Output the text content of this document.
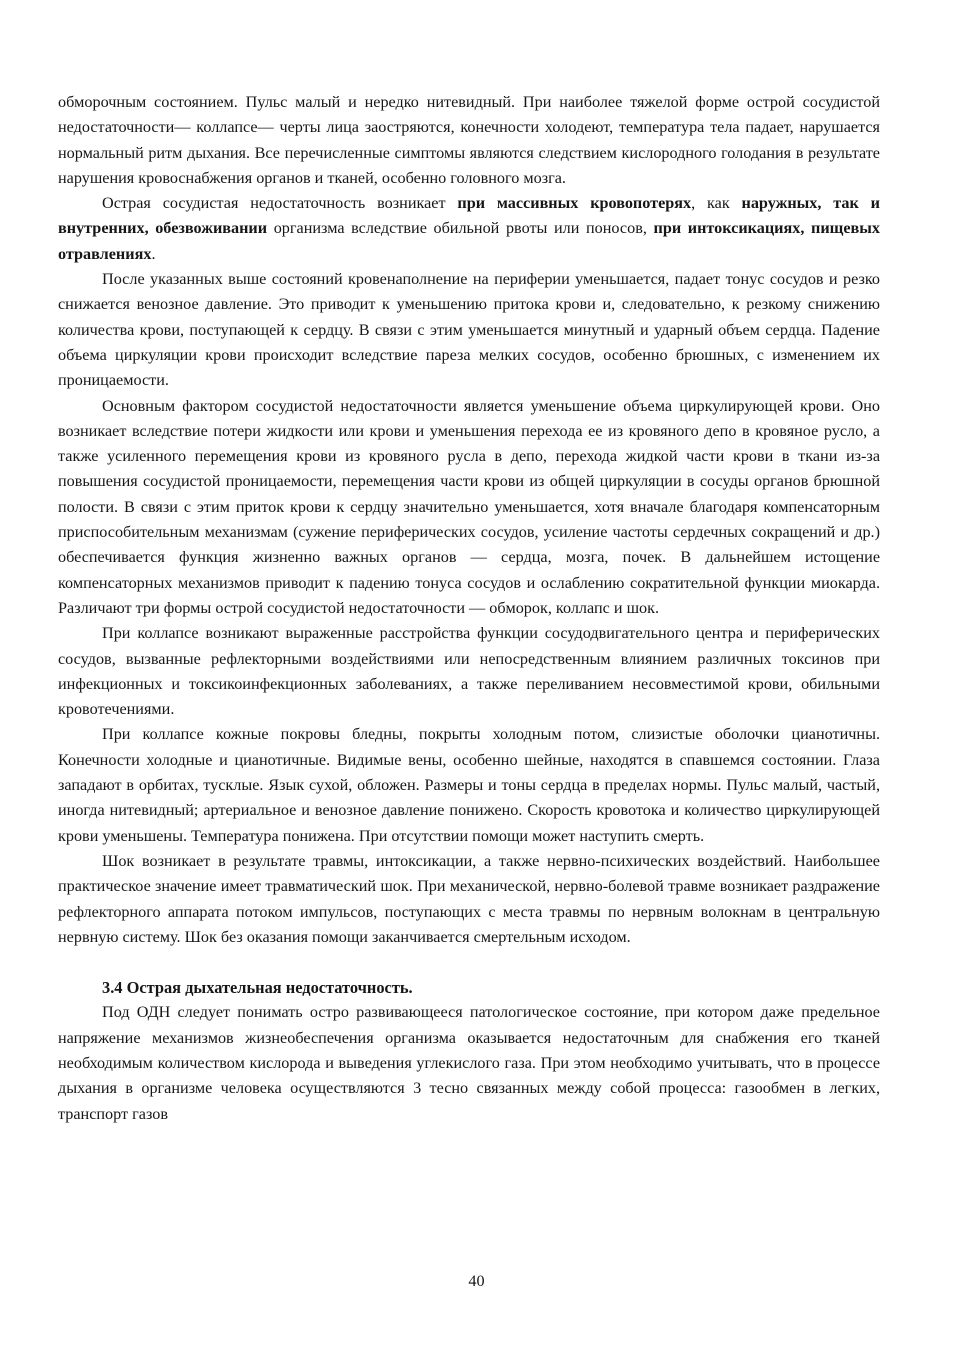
обморочным состоянием. Пульс малый и нередко нитевидный. При наиболее тяжелой форме острой сосудистой недостаточности— коллапсе— черты лица заостряются, конечности холодеют, температура тела падает, нарушается нормальный ритм дыхания. Все перечисленные симптомы являются следствием кислородного голодания в результате нарушения кровоснабжения органов и тканей, особенно головного мозга.

Острая сосудистая недостаточность возникает при массивных кровопотерях, как наружных, так и внутренних, обезвоживании организма вследствие обильной рвоты или поносов, при интоксикациях, пищевых отравлениях.

После указанных выше состояний кровенаполнение на периферии уменьшается, падает тонус сосудов и резко снижается венозное давление. Это приводит к уменьшению притока крови и, следовательно, к резкому снижению количества крови, поступающей к сердцу. В связи с этим уменьшается минутный и ударный объем сердца. Падение объема циркуляции крови происходит вследствие пареза мелких сосудов, особенно брюшных, с изменением их проницаемости.

Основным фактором сосудистой недостаточности является уменьшение объема циркулирующей крови. Оно возникает вследствие потери жидкости или крови и уменьшения перехода ее из кровяного депо в кровяное русло, а также усиленного перемещения крови из кровяного русла в депо, перехода жидкой части крови в ткани из-за повышения сосудистой проницаемости, перемещения части крови из общей циркуляции в сосуды органов брюшной полости. В связи с этим приток крови к сердцу значительно уменьшается, хотя вначале благодаря компенсаторным приспособительным механизмам (сужение периферических сосудов, усиление частоты сердечных сокращений и др.) обеспечивается функция жизненно важных органов — сердца, мозга, почек. В дальнейшем истощение компенсаторных механизмов приводит к падению тонуса сосудов и ослаблению сократительной функции миокарда. Различают три формы острой сосудистой недостаточности — обморок, коллапс и шок.

При коллапсе возникают выраженные расстройства функции сосудодвигательного центра и периферических сосудов, вызванные рефлекторными воздействиями или непосредственным влиянием различных токсинов при инфекционных и токсикоинфекционных заболеваниях, а также переливанием несовместимой крови, обильными кровотечениями.

При коллапсе кожные покровы бледны, покрыты холодным потом, слизистые оболочки цианотичны. Конечности холодные и цианотичные. Видимые вены, особенно шейные, находятся в спавшемся состоянии. Глаза западают в орбитах, тусклые. Язык сухой, обложен. Размеры и тоны сердца в пределах нормы. Пульс малый, частый, иногда нитевидный; артериальное и венозное давление понижено. Скорость кровотока и количество циркулирующей крови уменьшены. Температура понижена. При отсутствии помощи может наступить смерть.

Шок возникает в результате травмы, интоксикации, а также нервно-психических воздействий. Наибольшее практическое значение имеет травматический шок. При механической, нервно-болевой травме возникает раздражение рефлекторного аппарата потоком импульсов, поступающих с места травмы по нервным волокнам в центральную нервную систему. Шок без оказания помощи заканчивается смертельным исходом.

3.4 Острая дыхательная недостаточность.

Под ОДН следует понимать остро развивающееся патологическое состояние, при котором даже предельное напряжение механизмов жизнеобеспечения организма оказывается недостаточным для снабжения его тканей необходимым количеством кислорода и выведения углекислого газа. При этом необходимо учитывать, что в процессе дыхания в организме человека осуществляются 3 тесно связанных между собой процесса: газообмен в легких, транспорт газов

40
